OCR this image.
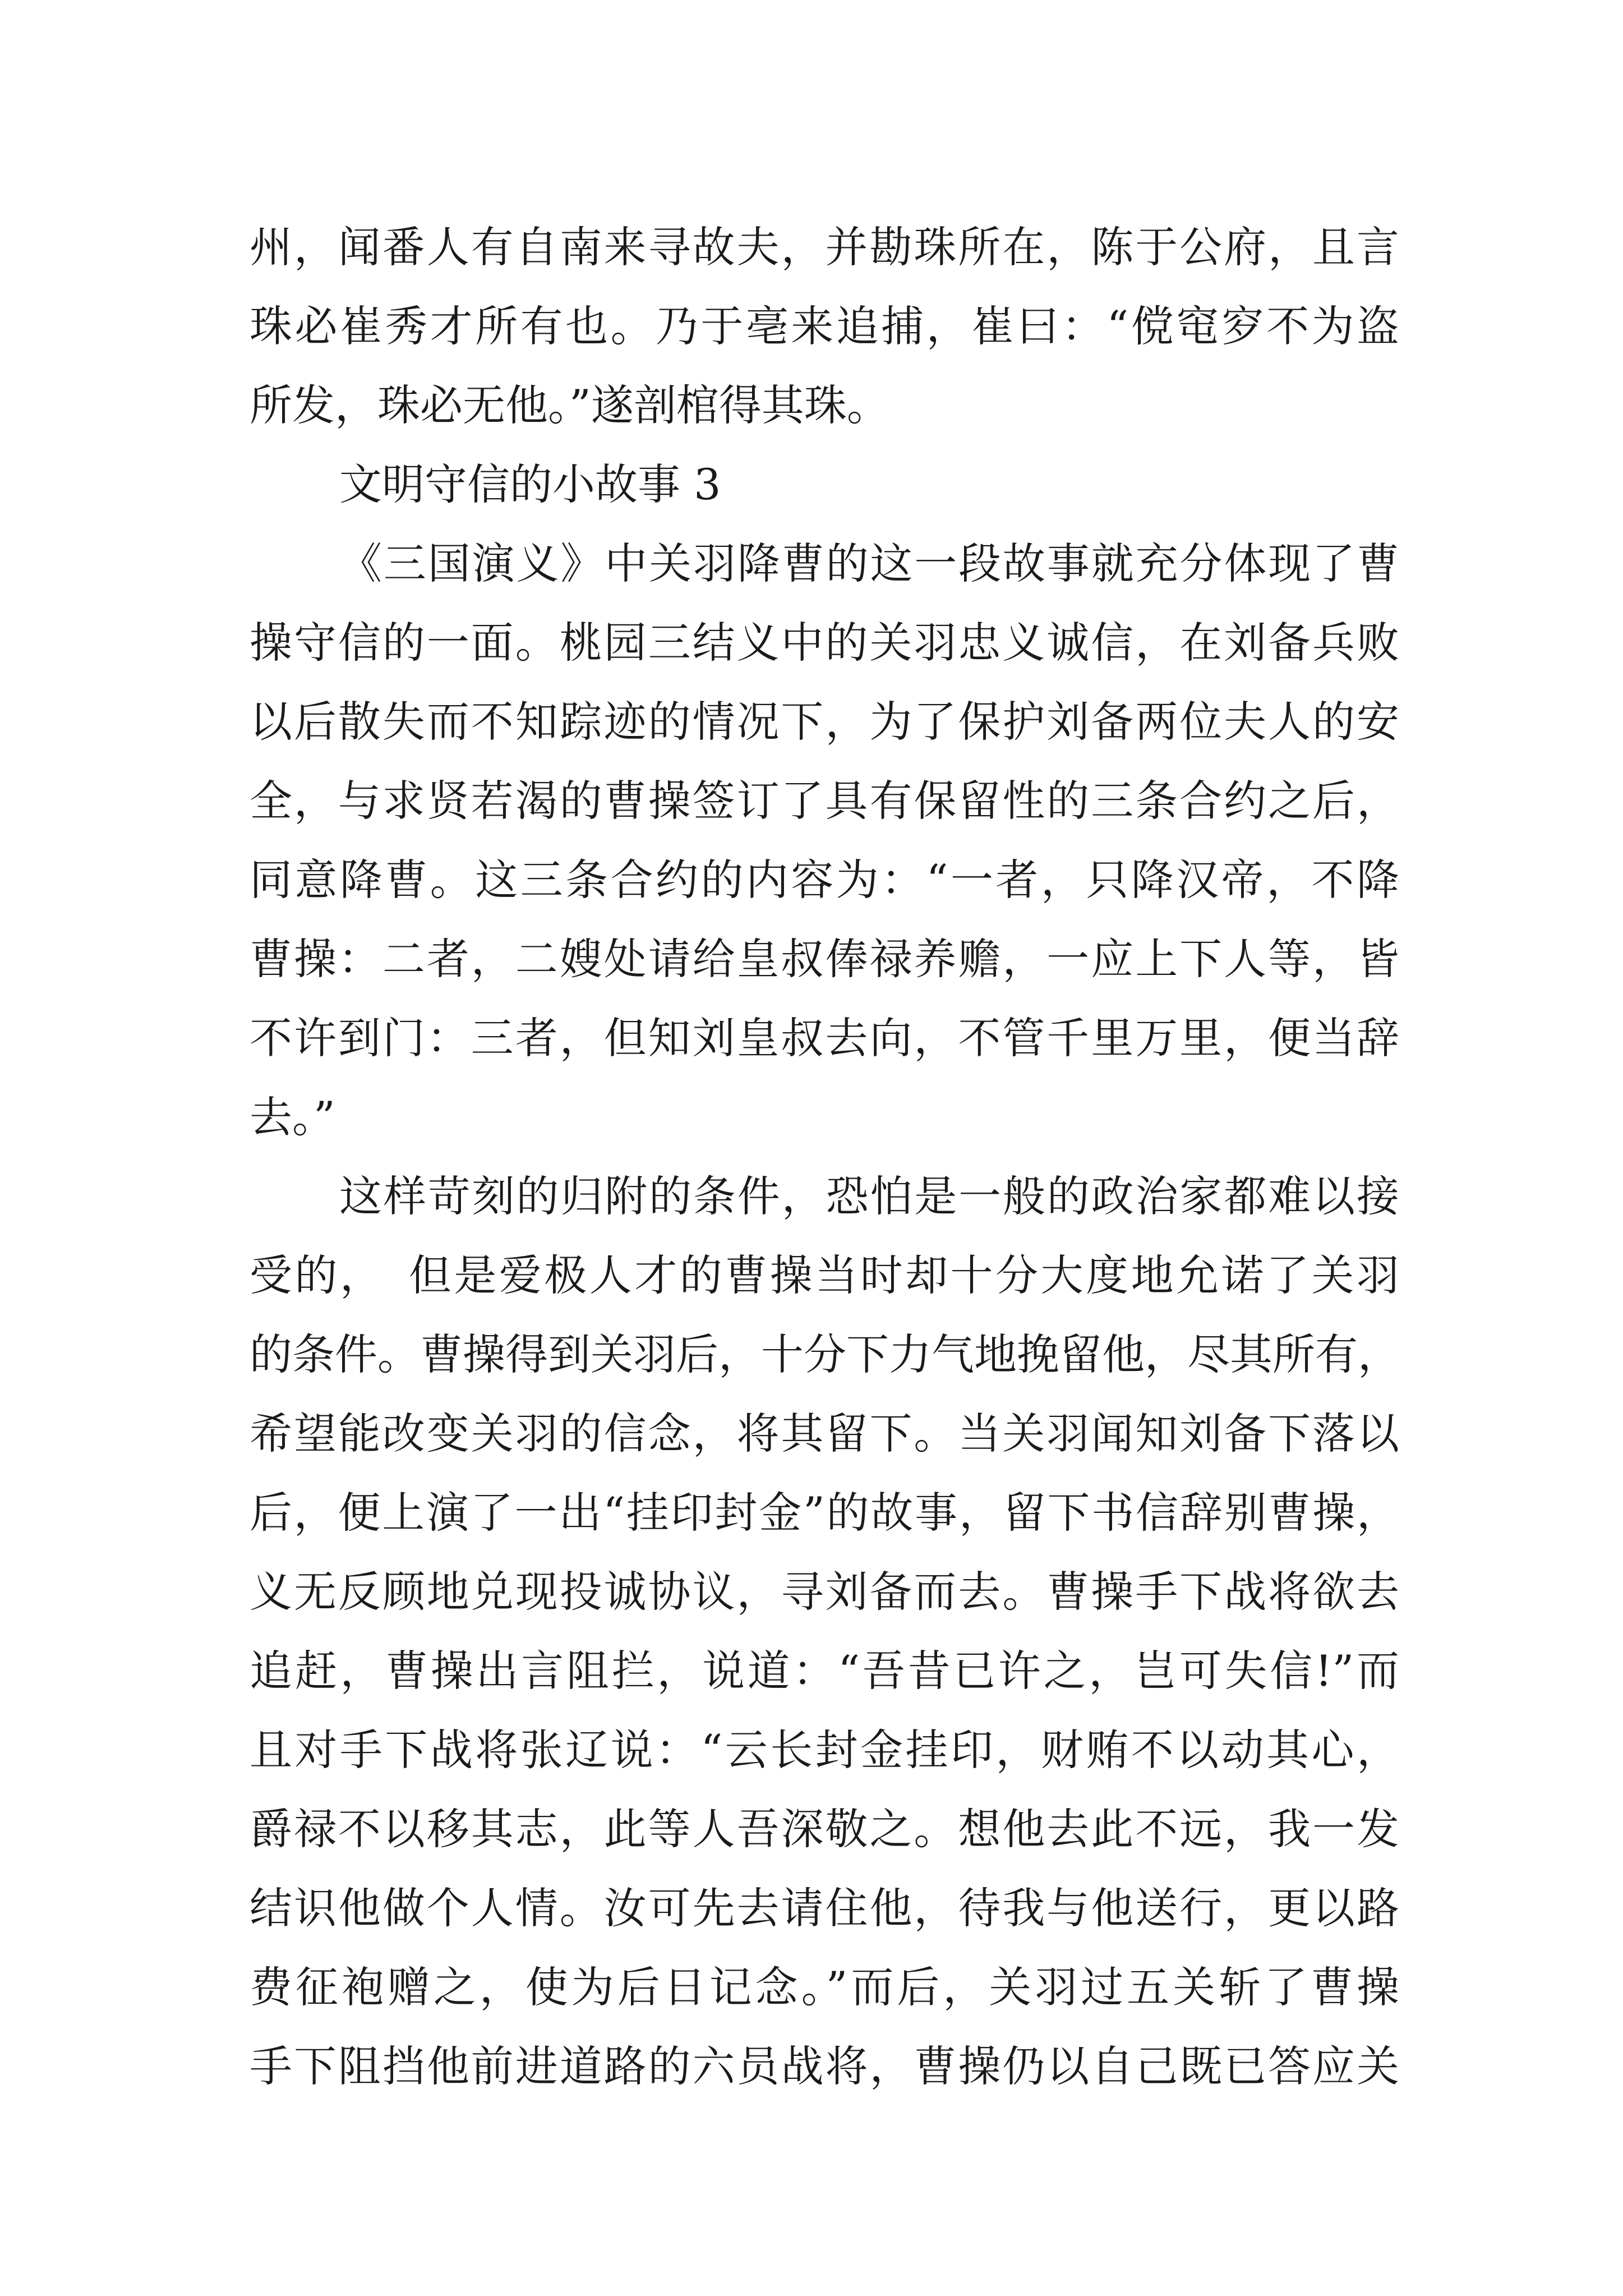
州，闻番人有自南来寻故夫，并勘珠所在，陈于公府，且言
珠必崔秀才所有也。乃于亳来追捕，崔曰：“傥窀穸不为盗
所发，珠必无他。”遂剖棺得其珠。
文明守信的小故事 3
《三国演义》中关羽降曹的这一段故事就充分体现了曹
操守信的一面。桃园三结义中的关羽忠义诚信，在刘备兵败
以后散失而不知踪迹的情况下，为了保护刘备两位夫人的安
全，与求贤若渴的曹操签订了具有保留性的三条合约之后，
同意降曹。这三条合约的内容为：“一者，只降汉帝，不降
曹操：二者，二嫂处请给皇叔俸禄养赡，一应上下人等，皆
不许到门：三者，但知刘皇叔去向，不管千里万里，便当辞
去。”
这样苛刻的归附的条件，恐怕是一般的政治家都难以接
受的，　但是爱极人才的曹操当时却十分大度地允诺了关羽
的条件。曹操得到关羽后，十分下力气地挽留他，尽其所有，
希望能改变关羽的信念，将其留下。当关羽闻知刘备下落以
后，便上演了一出“挂印封金”的故事，留下书信辞别曹操，
义无反顾地兑现投诚协议，寻刘备而去。曹操手下战将欲去
追赶，曹操出言阻拦，说道：“吾昔已许之，岂可失信!”而
且对手下战将张辽说：“云长封金挂印，财贿不以动其心，
爵禄不以移其志，此等人吾深敬之。想他去此不远，我一发
结识他做个人情。汝可先去请住他，待我与他送行，更以路
费征袍赠之，使为后日记念。”而后，关羽过五关斩了曹操
手下阻挡他前进道路的六员战将，曹操仍以自己既已答应关
